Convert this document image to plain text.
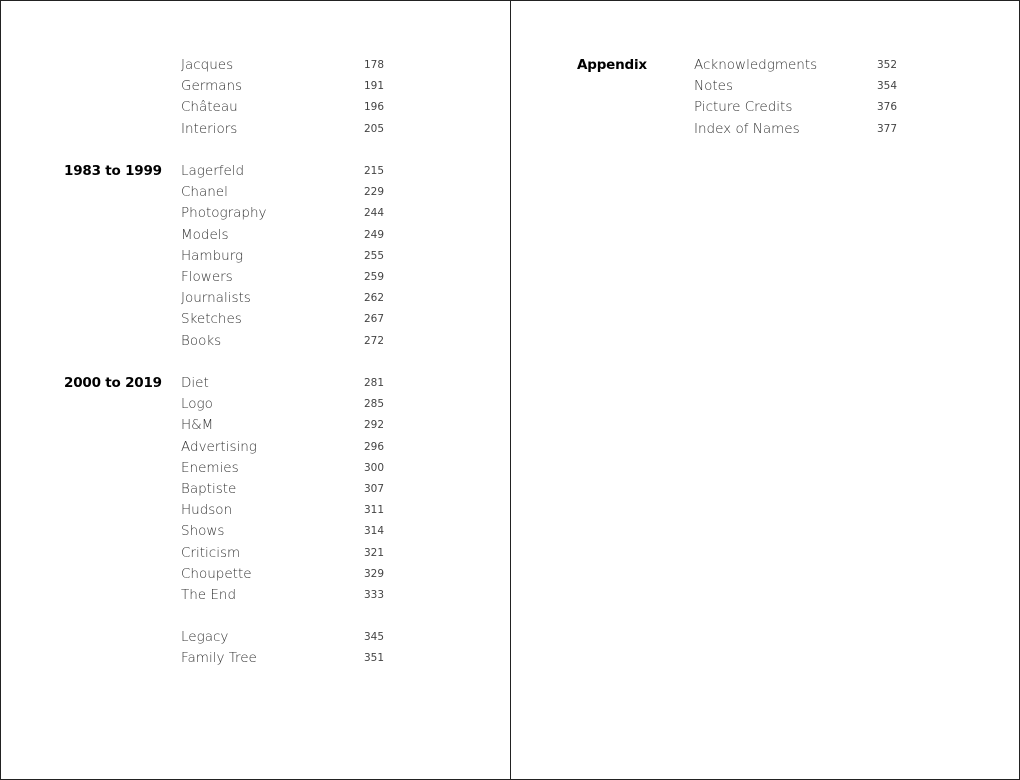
Jacques	178
Germans	191
Château	196
Interiors	205
1983 to 1999 Lagerfeld	215
Chanel	229
Photography	244
Models	249
Hamburg	255
Flowers	259
Journalists	262
Sketches	267
Books	272
2000 to 2019 Diet	281
Logo	285
H&M	292
Advertising	296
Enemies	300
Baptiste	307
Hudson	311
Shows	314
Criticism	321
Choupette	329
The End	333
Legacy	345
Family Tree	351
Appendix	Acknowledgments	352
Notes	354
Picture Credits	376
Index of Names	377
